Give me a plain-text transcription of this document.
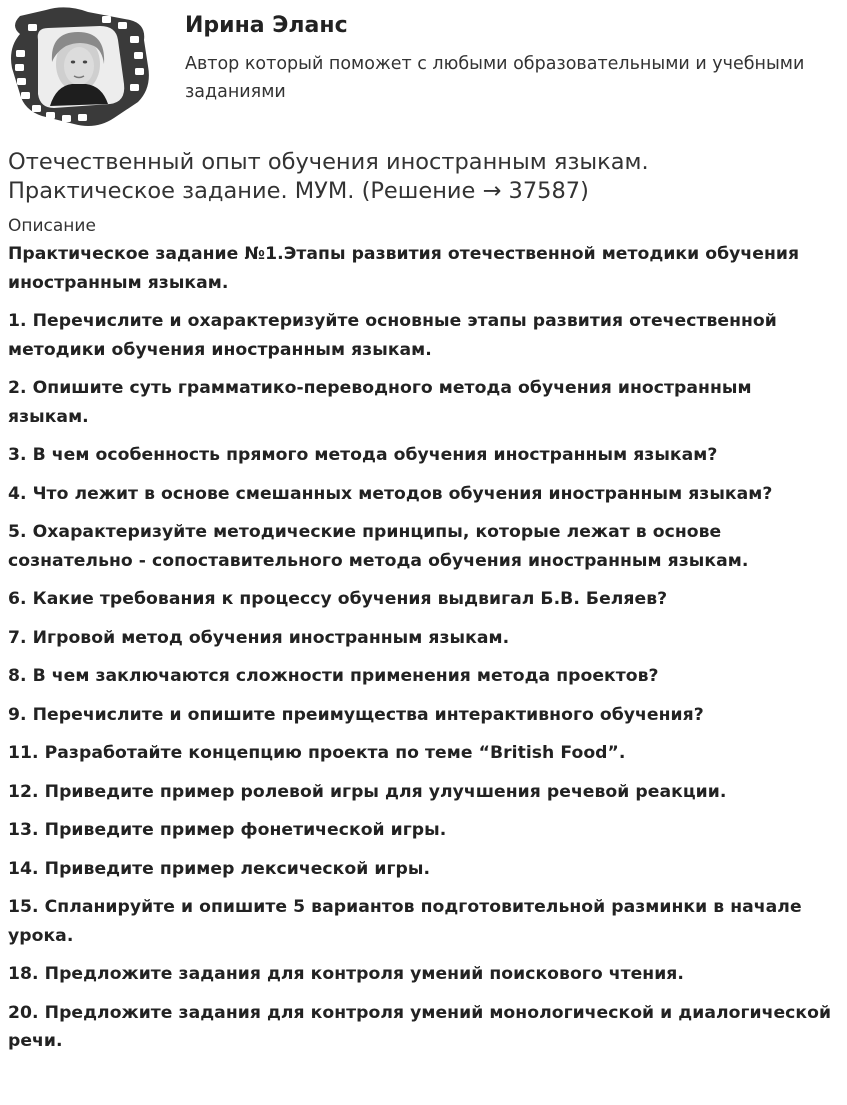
Ирина Эланс

Автор который поможет с любыми образовательными и учебными заданиями

Отечественный опыт обучения иностранным языкам.
Практическое задание. МУМ. (Решение → 37587)
Описание
Практическое задание №1.Этапы развития отечественной методики обучения иностранным языкам.
1. Перечислите и охарактеризуйте основные этапы развития отечественной методики обучения иностранным языкам.
2. Опишите суть грамматико-переводного метода обучения иностранным языкам.
3. В чем особенность прямого метода обучения иностранным языкам?
4. Что лежит в основе смешанных методов обучения иностранным языкам?
5. Охарактеризуйте методические принципы, которые лежат в основе сознательно - сопоставительного метода обучения иностранным языкам.
6. Какие требования к процессу обучения выдвигал Б.В. Беляев?
7. Игровой метод обучения иностранным языкам.
8. В чем заключаются сложности применения метода проектов?
9. Перечислите и опишите преимущества интерактивного обучения?
11. Разработайте концепцию проекта по теме “British Food”.
12. Приведите пример ролевой игры для улучшения речевой реакции.
13. Приведите пример фонетической игры.
14. Приведите пример лексической игры.
15. Спланируйте и опишите 5 вариантов подготовительной разминки в начале урока.
18. Предложите задания для контроля умений поискового чтения.
20. Предложите задания для контроля умений монологической и диалогической речи.
